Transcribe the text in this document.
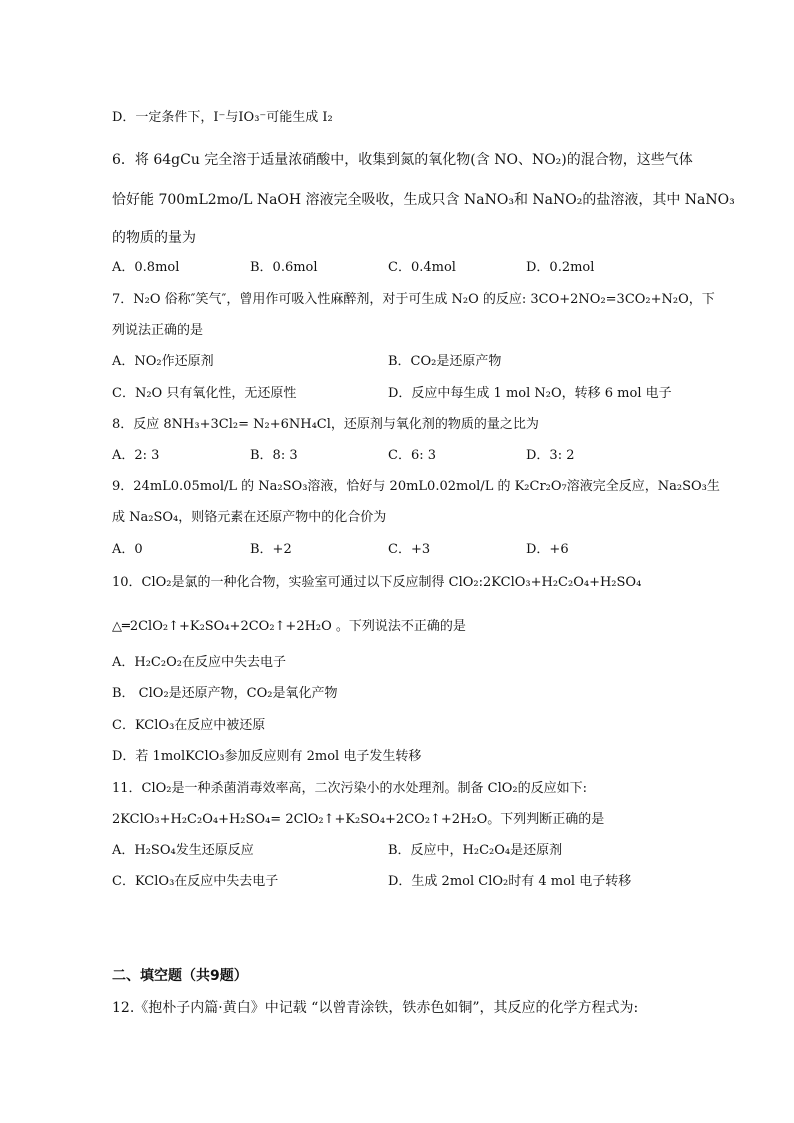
D．一定条件下，I⁻与IO₃⁻可能生成 I₂
6．将 64gCu 完全溶于适量浓硝酸中，收集到氮的氧化物(含 NO、NO₂)的混合物，这些气体
恰好能 700mL2mo/L NaOH 溶液完全吸收，生成只含 NaNO₃和 NaNO₂的盐溶液，其中 NaNO₃
的物质的量为
A．0.8mol	B．0.6mol	C．0.4mol	D．0.2mol
7．N₂O 俗称″笑气″，曾用作可吸入性麻醉剂，对于可生成 N₂O 的反应: 3CO+2NO₂=3CO₂+N₂O，下
列说法正确的是
A．NO₂作还原剂	B．CO₂是还原产物
C．N₂O 只有氧化性，无还原性	D．反应中每生成 1 mol N₂O，转移 6 mol 电子
8．反应 8NH₃+3Cl₂= N₂+6NH₄Cl，还原剂与氧化剂的物质的量之比为
A．2: 3	B．8: 3	C．6: 3	D．3: 2
9．24mL0.05mol/L 的 Na₂SO₃溶液，恰好与 20mL0.02mol/L 的 K₂Cr₂O₇溶液完全反应，Na₂SO₃生
成 Na₂SO₄，则铬元素在还原产物中的化合价为
A．0	B．+2	C．+3	D．+6
10．ClO₂是氯的一种化合物，实验室可通过以下反应制得 ClO₂:2KClO₃+H₂C₂O₄+H₂SO₄
△═2ClO₂↑+K₂SO₄+2CO₂↑+2H₂O 。下列说法不正确的是
A．H₂C₂O₂在反应中失去电子
B． ClO₂是还原产物，CO₂是氧化产物
C．KClO₃在反应中被还原
D．若 1molKClO₃参加反应则有 2mol 电子发生转移
11．ClO₂是一种杀菌消毒效率高，二次污染小的水处理剂。制备 ClO₂的反应如下:
2KClO₃+H₂C₂O₄+H₂SO₄= 2ClO₂↑+K₂SO₄+2CO₂↑+2H₂O。下列判断正确的是
A．H₂SO₄发生还原反应	B．反应中，H₂C₂O₄是还原剂
C．KClO₃在反应中失去电子	D．生成 2mol ClO₂时有 4 mol 电子转移
二、填空题（共9题）
12.《抱朴子内篇·黄白》中记载 “以曾青涂铁，铁赤色如铜”，其反应的化学方程式为:
